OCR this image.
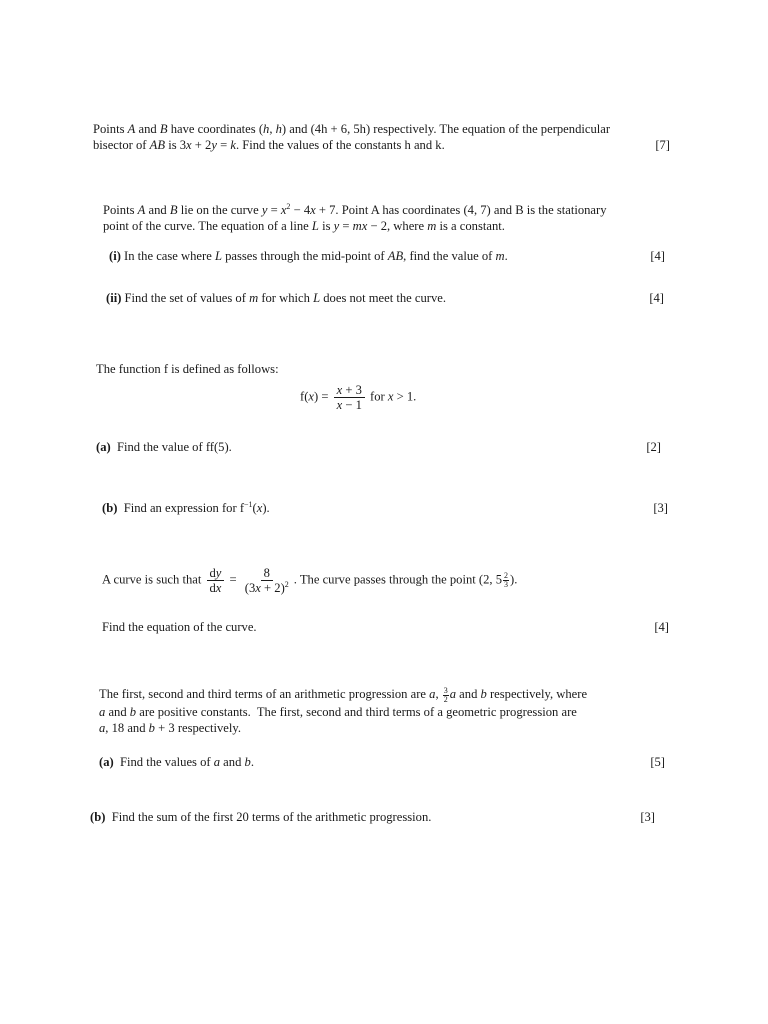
Points A and B have coordinates (h, h) and (4h + 6, 5h) respectively. The equation of the perpendicular
bisector of AB is 3x + 2y = k. Find the values of the constants h and k.	[7]
Points A and B lie on the curve $y = x^2 - 4x + 7$. Point A has coordinates (4, 7) and B is the stationary
point of the curve. The equation of a line L is y = mx − 2, where m is a constant.
(i) In the case where L passes through the mid-point of AB, find the value of m.	[4]
(ii) Find the set of values of m for which L does not meet the curve.	[4]
The function f is defined as follows:
$f(x) = \frac{x + 3}{x - 1}$ for x > 1.
(a) Find the value of ff(5).	[2]
(b)  Find an expression for $f^{-1}(x)$.	[3]
A curve is such that $\frac{dy}{dx} = \frac{8}{(3x + 2)^2}$ . The curve passes through the point (2, $5 \frac{2}{3}$ ).
Find the equation of the curve.	[4]
The first, second and third terms of an arithmetic progression are a, $\frac{3}{2}$ a and b respectively, where
a and b are positive constants.  The first, second and third terms of a geometric progression are
a, 18 and b + 3 respectively.
(a)  Find the values of a and b.	[5]
(b) Find the sum of the first 20 terms of the arithmetic progression.	[3]
